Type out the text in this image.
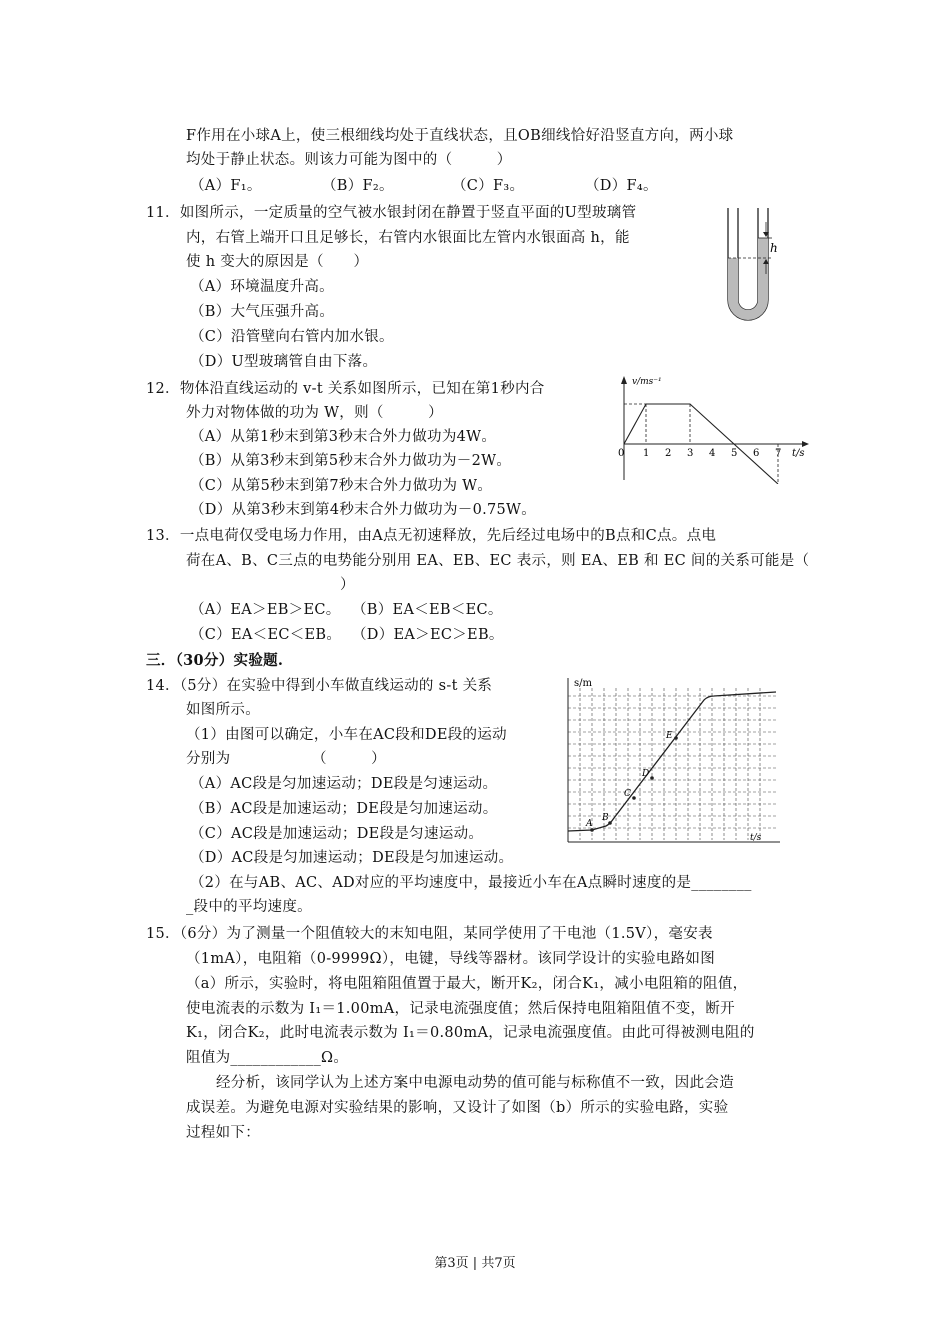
F作用在小球A上，使三根细线均处于直线状态，且OB细线恰好沿竖直方向，两小球
均处于静止状态。则该力可能为图中的（　　　）
（A）F₁。	（B）F₂。	（C）F₃。	（D）F₄。
11．如图所示，一定质量的空气被水银封闭在静置于竖直平面的U型玻璃管
内，右管上端开口且足够长，右管内水银面比左管内水银面高 h，能
使 h 变大的原因是（　　）
（A）环境温度升高。
（B）大气压强升高。
（C）沿管壁向右管内加水银。
（D）U型玻璃管自由下落。
h
12．物体沿直线运动的 v-t 关系如图所示，已知在第1秒内合
外力对物体做的功为 W，则（　　　）
（A）从第1秒末到第3秒末合外力做功为4W。
（B）从第3秒末到第5秒末合外力做功为－2W。
（C）从第5秒末到第7秒末合外力做功为 W。
（D）从第3秒末到第4秒末合外力做功为－0.75W。
v/ms⁻¹
t/s
0 1 2 3 4 5 6 7
13．一点电荷仅受电场力作用，由A点无初速释放，先后经过电场中的B点和C点。点电
荷在A、B、C三点的电势能分别用 EA、EB、EC 表示，则 EA、EB 和 EC 间的关系可能是（
）
（A）EA＞EB＞EC。 （B）EA＜EB＜EC。
（C）EA＜EC＜EB。 （D）EA＞EC＞EB。
三．（30分）实验题.
14．（5分）在实验中得到小车做直线运动的 s-t 关系
如图所示。
（1）由图可以确定，小车在AC段和DE段的运动
分别为　　　　　　（　　　）
（A）AC段是匀加速运动；DE段是匀速运动。
（B）AC段是加速运动；DE段是匀加速运动。
（C）AC段是加速运动；DE段是匀速运动。
（D）AC段是匀加速运动；DE段是匀加速运动。
（2）在与AB、AC、AD对应的平均速度中，最接近小车在A点瞬时速度的是________
_段中的平均速度。
s/m
t/s
A
B
C
D
E
15．（6分）为了测量一个阻值较大的末知电阻，某同学使用了干电池（1.5V），毫安表
（1mA），电阻箱（0-9999Ω），电键，导线等器材。该同学设计的实验电路如图
（a）所示，实验时，将电阻箱阻值置于最大，断开K₂，闭合K₁，减小电阻箱的阻值，
使电流表的示数为 I₁＝1.00mA，记录电流强度值；然后保持电阻箱阻值不变，断开
K₁，闭合K₂，此时电流表示数为 I₁＝0.80mA，记录电流强度值。由此可得被测电阻的
阻值为____________Ω。
经分析，该同学认为上述方案中电源电动势的值可能与标称值不一致，因此会造
成误差。为避免电源对实验结果的影响，又设计了如图（b）所示的实验电路，实验
过程如下：
第3页 | 共7页
